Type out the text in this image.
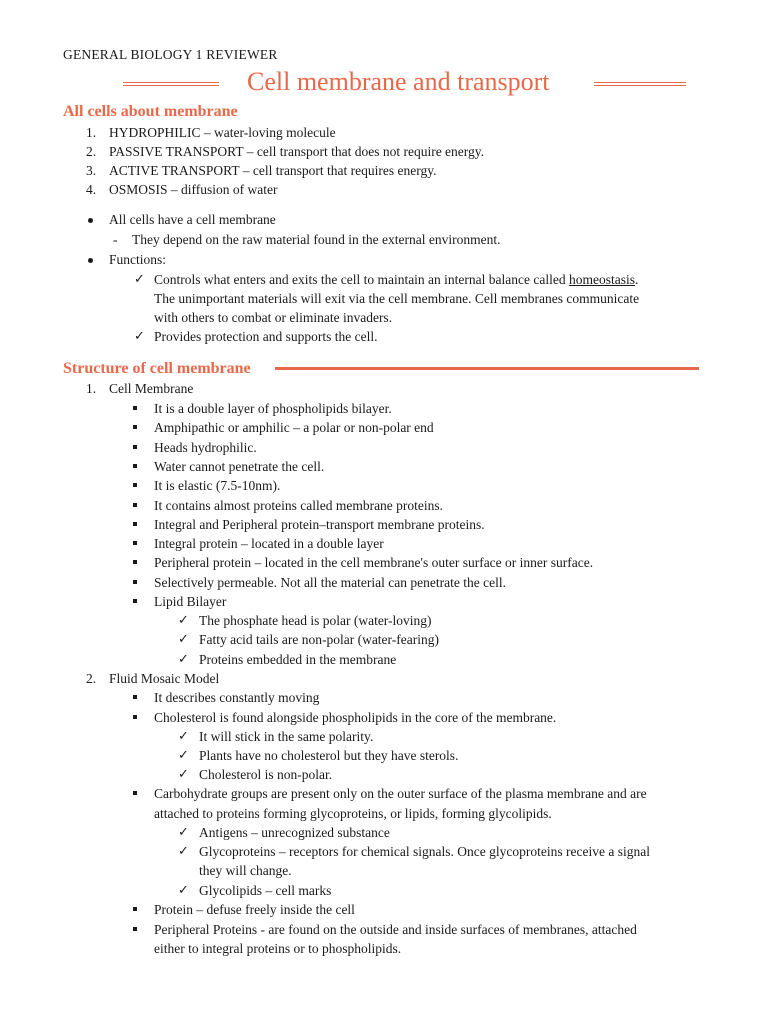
GENERAL BIOLOGY 1 REVIEWER
Cell membrane and transport
All cells about membrane
1. HYDROPHILIC – water-loving molecule
2. PASSIVE TRANSPORT – cell transport that does not require energy.
3. ACTIVE TRANSPORT – cell transport that requires energy.
4. OSMOSIS – diffusion of water
All cells have a cell membrane
- They depend on the raw material found in the external environment.
Functions:
✓ Controls what enters and exits the cell to maintain an internal balance called homeostasis.
The unimportant materials will exit via the cell membrane. Cell membranes communicate
with others to combat or eliminate invaders.
✓ Provides protection and supports the cell.
Structure of cell membrane
1. Cell Membrane
It is a double layer of phospholipids bilayer.
Amphipathic or amphilic – a polar or non-polar end
Heads hydrophilic.
Water cannot penetrate the cell.
It is elastic (7.5-10nm).
It contains almost proteins called membrane proteins.
Integral and Peripheral protein–transport membrane proteins.
Integral protein – located in a double layer
Peripheral protein – located in the cell membrane's outer surface or inner surface.
Selectively permeable. Not all the material can penetrate the cell.
Lipid Bilayer
✓ The phosphate head is polar (water-loving)
✓ Fatty acid tails are non-polar (water-fearing)
✓ Proteins embedded in the membrane
2. Fluid Mosaic Model
It describes constantly moving
Cholesterol is found alongside phospholipids in the core of the membrane.
✓ It will stick in the same polarity.
✓ Plants have no cholesterol but they have sterols.
✓ Cholesterol is non-polar.
Carbohydrate groups are present only on the outer surface of the plasma membrane and are
attached to proteins forming glycoproteins, or lipids, forming glycolipids.
✓ Antigens – unrecognized substance
✓ Glycoproteins – receptors for chemical signals. Once glycoproteins receive a signal
they will change.
✓ Glycolipids – cell marks
Protein – defuse freely inside the cell
Peripheral Proteins - are found on the outside and inside surfaces of membranes, attached
either to integral proteins or to phospholipids.
